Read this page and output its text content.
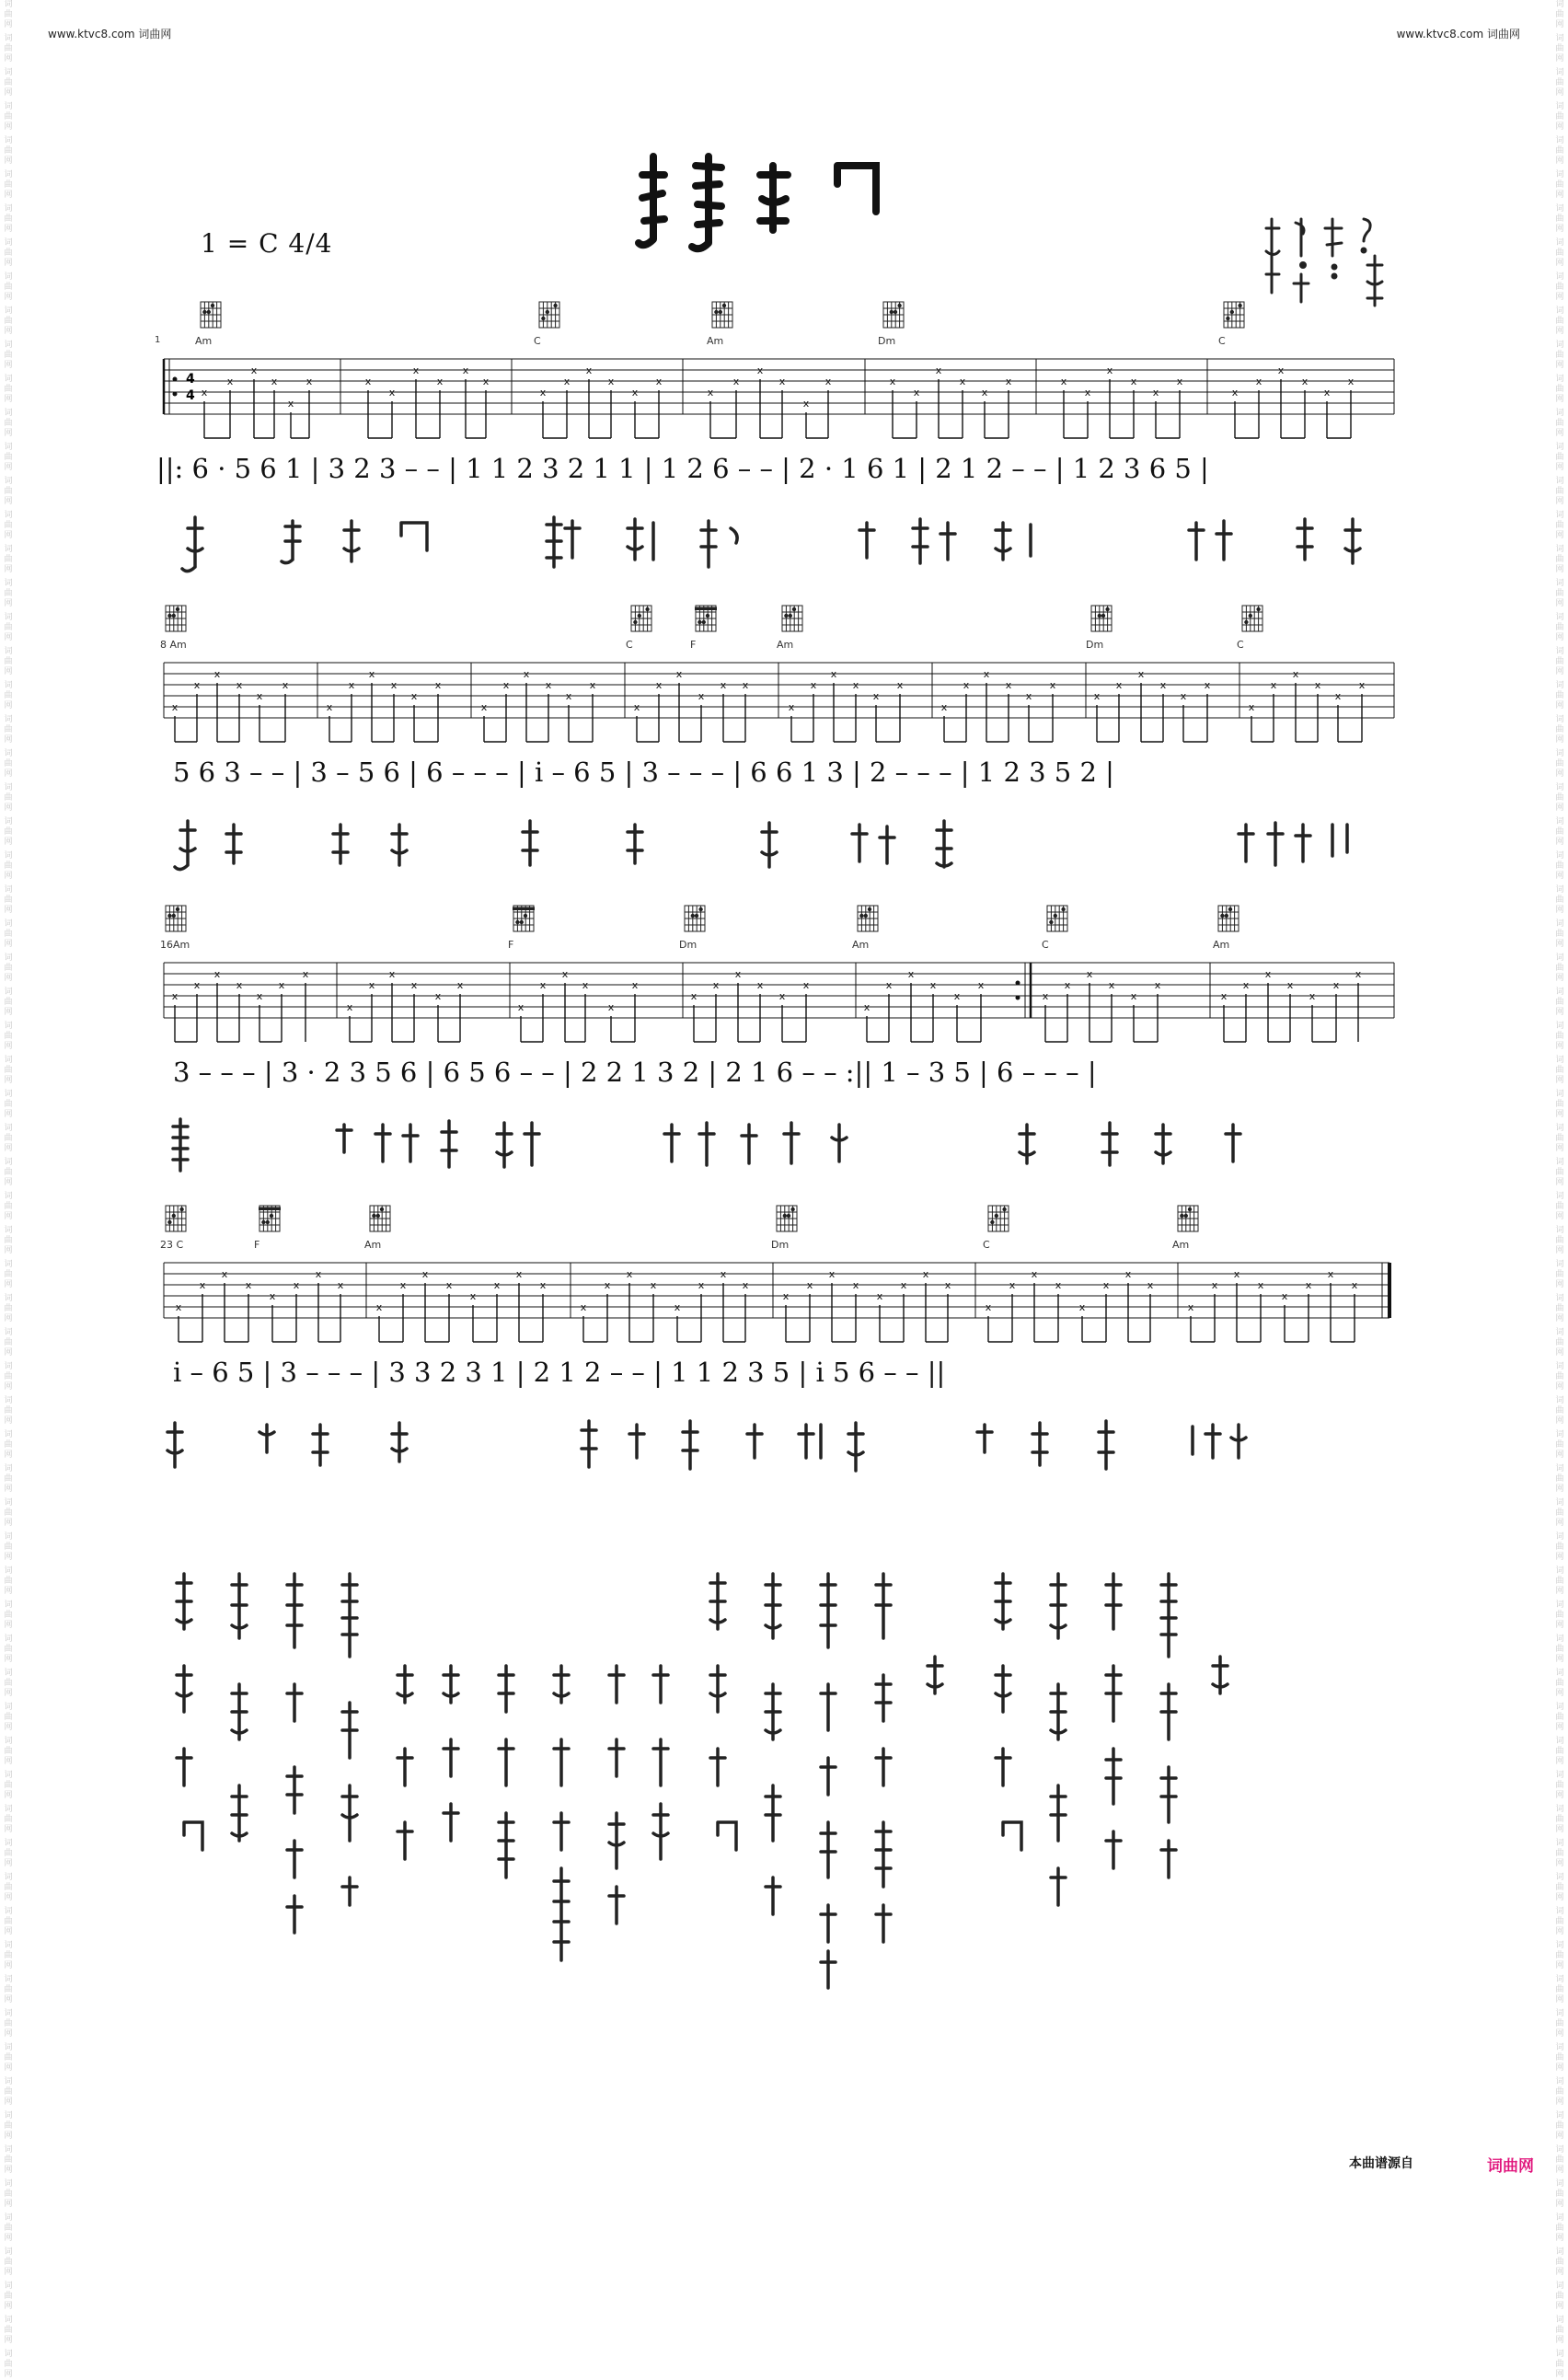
词曲网
词曲网
词曲网
词曲网
词曲网
词曲网
词曲网
词曲网
词曲网
词曲网
词曲网
词曲网
词曲网
词曲网
词曲网
词曲网
词曲网
词曲网
词曲网
词曲网
词曲网
词曲网
词曲网
词曲网
词曲网
词曲网
词曲网
词曲网
词曲网
词曲网
词曲网
词曲网
词曲网
词曲网
词曲网
词曲网
词曲网
词曲网
词曲网
词曲网
词曲网
词曲网
词曲网
词曲网
词曲网
词曲网
词曲网
词曲网
词曲网
词曲网
词曲网
词曲网
词曲网
词曲网
词曲网
词曲网
词曲网
词曲网
词曲网
词曲网
词曲网
词曲网
词曲网
词曲网
词曲网
词曲网
词曲网
词曲网
词曲网
词曲网
词曲网
词曲网
词曲网
词曲网
词曲网
词曲网
词曲网
词曲网
词曲网
词曲网
词曲网
词曲网
词曲网
词曲网
词曲网
词曲网
词曲网
词曲网
词曲网
词曲网
词曲网
词曲网
词曲网
词曲网
词曲网
词曲网
词曲网
词曲网
词曲网
词曲网
词曲网
词曲网
词曲网
词曲网
词曲网
词曲网
词曲网
词曲网
词曲网
词曲网
词曲网
词曲网
词曲网
词曲网
词曲网
词曲网
词曲网
词曲网
词曲网
词曲网
词曲网
词曲网
词曲网
词曲网
词曲网
词曲网
词曲网
词曲网
词曲网
词曲网
词曲网
词曲网
词曲网
词曲网
词曲网
词曲网
词曲网
词曲网
词曲网
词曲网
www.ktvc8.com 词曲网	www.ktvc8.com 词曲网
1 = C 4/4
1	Am	C	Am	Dm	C
4
4 x
x
x
x
x
x	x
x
x
x
x
x
x
x
x
x
x
x
x
x
x
x
x
x	x
x
x
x
x
x	x
x
x
x
x
x
x
x
x
x
x
x
||: 6 · 5 6 1 | 3 2 3 – – | 1 1 2 3 2 1 1 | 1 2 6 – – | 2 · 1 6 1 | 2 1 2 – – | 1 2 3 6 5 |
8 Am	C	F	Am	Dm	C
x
x
x
x
x
x
x
x
x
x
x
x
x
x
x
x
x
x
x
x
x
x
x x
x
x
x
x
x
x
x
x
x
x
x
x
x
x
x
x
x
x
x
x
x
x
x
x
5 6 3 – – | 3 – 5 6 | 6 – – – | i – 6 5 | 3 – – – | 6 6 1 3 | 2 – – – | 1 2 3 5 2 |
16Am	F	Dm	Am	C	Am
x
x
x
x
x
x
x
x
x
x
x
x
x
x
x
x
x
x
x
x
x
x
x
x
x
x
x
x
x
x
x
x
x
x
x
x
x
x
x
x
x
x
x
x
3 – – – | 3 · 2 3 5 6 | 6 5 6 – – | 2 2 1 3 2 | 2 1 6 – – :|| 1 – 3 5 | 6 – – – |
23 C	F	Am	Dm	C	Am
x
x
x
x
x
x
x
x
x
x
x
x
x
x
x
x
x
x
x
x
x
x
x
x
x
x
x
x
x
x
x
x
x
x
x
x
x
x
x
x
x
x
x
x
x
x
x
x
i – 6 5 | 3 – – – | 3 3 2 3 1 | 2 1 2 – – | 1 1 2 3 5 | i 5 6 – – ||
本曲谱源自	词曲网
